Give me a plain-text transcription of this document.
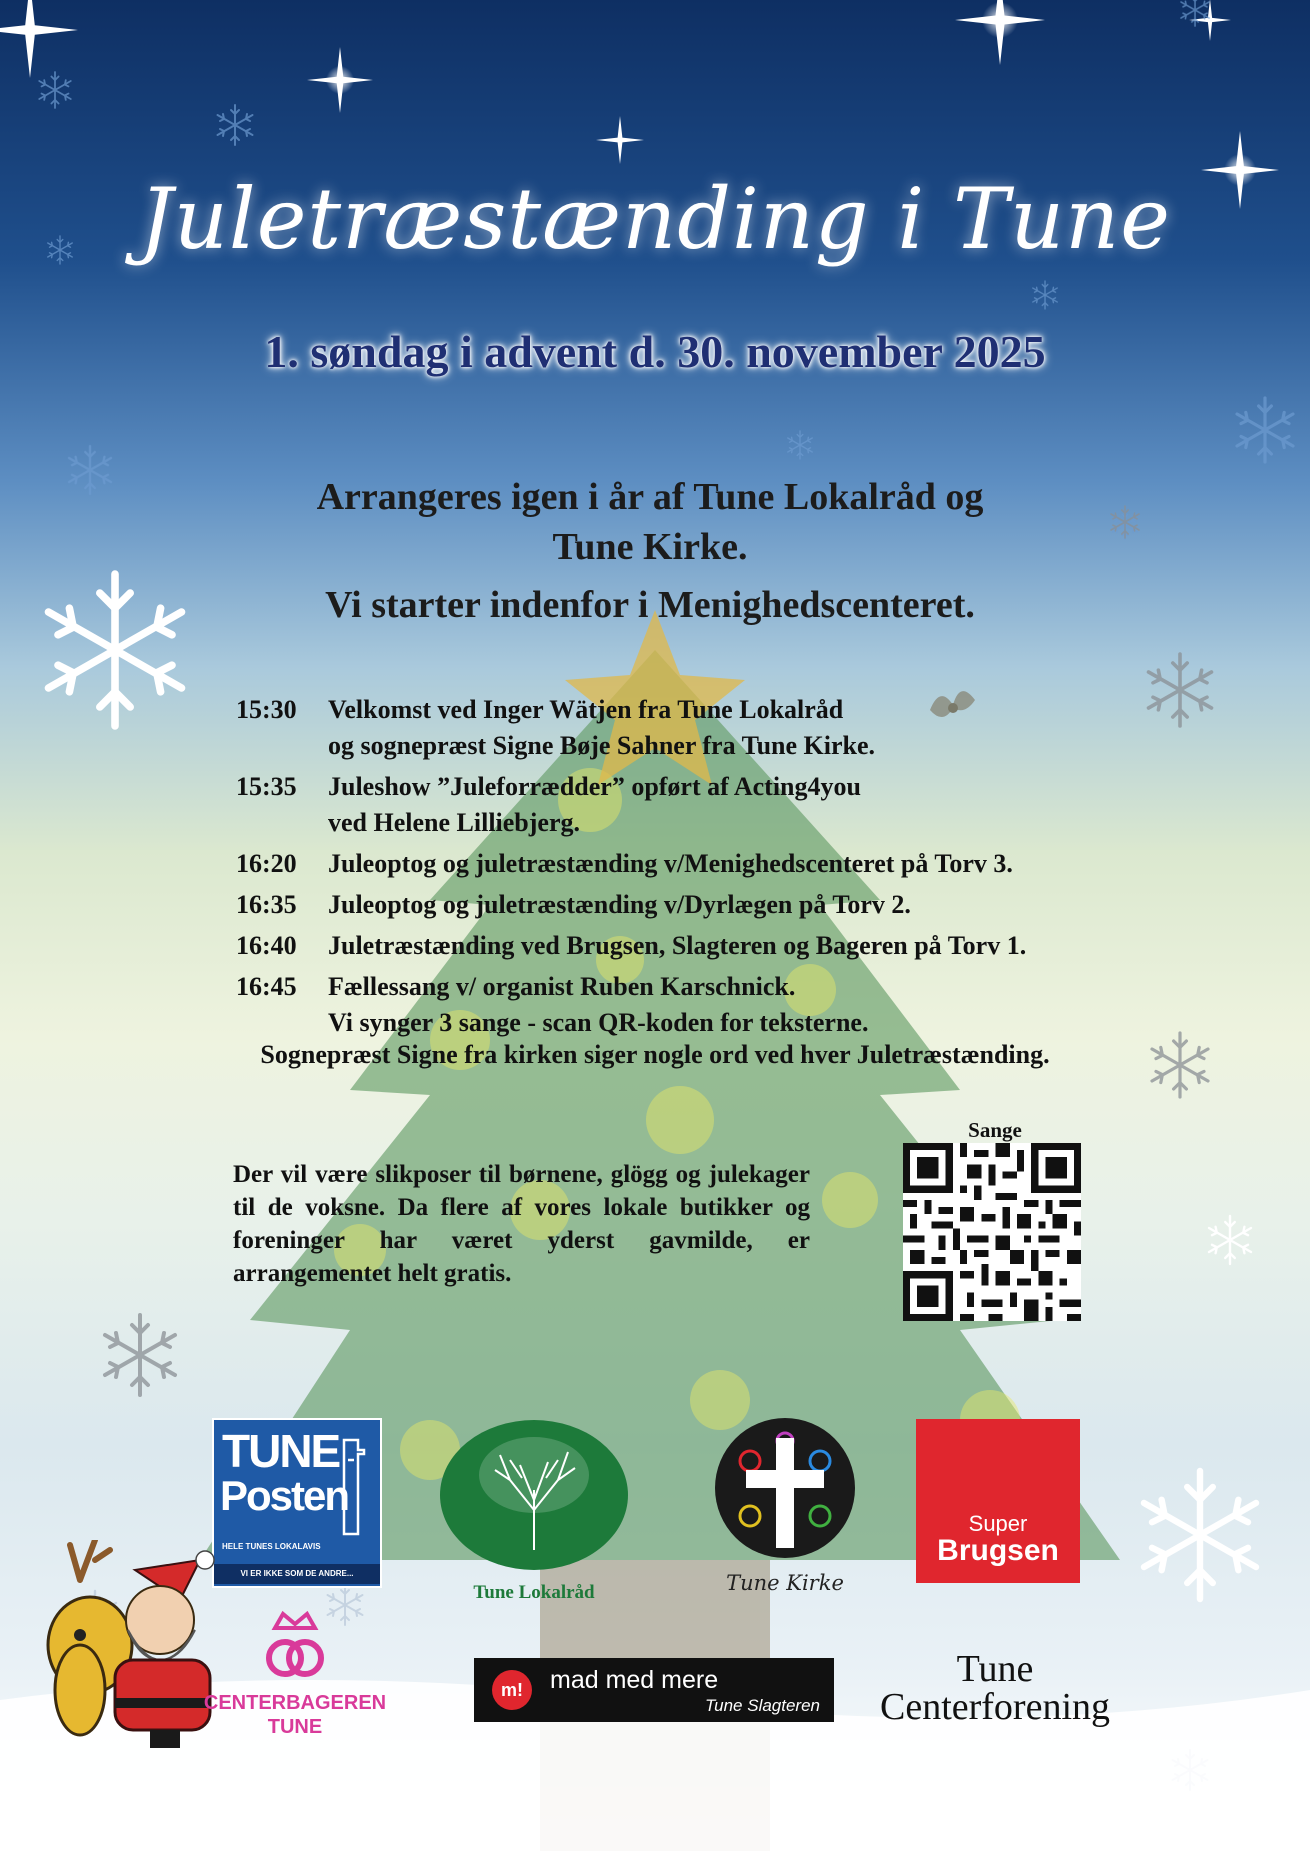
Juletræstænding i Tune
1. søndag i advent d. 30. november 2025
Arrangeres igen i år af Tune Lokalråd og
Tune Kirke.
Vi starter indenfor i Menighedscenteret.
15:30	Velkomst ved Inger Wätjen fra Tune Lokalråd
og sognepræst Signe Bøje Sahner fra Tune Kirke.
15:35	Juleshow ”Juleforrædder” opført af Acting4you
ved Helene Lilliebjerg.
16:20	Juleoptog og juletræstænding v/Menighedscenteret på Torv 3.
16:35	Juleoptog og juletræstænding v/Dyrlægen på Torv 2.
16:40	Juletræstænding ved Brugsen, Slagteren og Bageren på Torv 1.
16:45	Fællessang v/ organist Ruben Karschnick.
Vi synger 3 sange - scan QR-koden for teksterne.
Sognepræst Signe fra kirken siger nogle ord ved hver Juletræstænding.
Der vil være slikposer til børnene, glögg og julekager til de voksne. Da flere af vores lokale butikker og foreninger har været yderst gavmilde, er arrangementet helt gratis.
Sange
TUNE
Posten
HELE TUNES LOKALAVIS
VI ER IKKE SOM DE ANDRE...
Tune Lokalråd	Tune Kirke
Super
Brugsen
CENTERBAGEREN
TUNE
m!	mad med mere
Tune Slagteren
Tune
Centerforening
